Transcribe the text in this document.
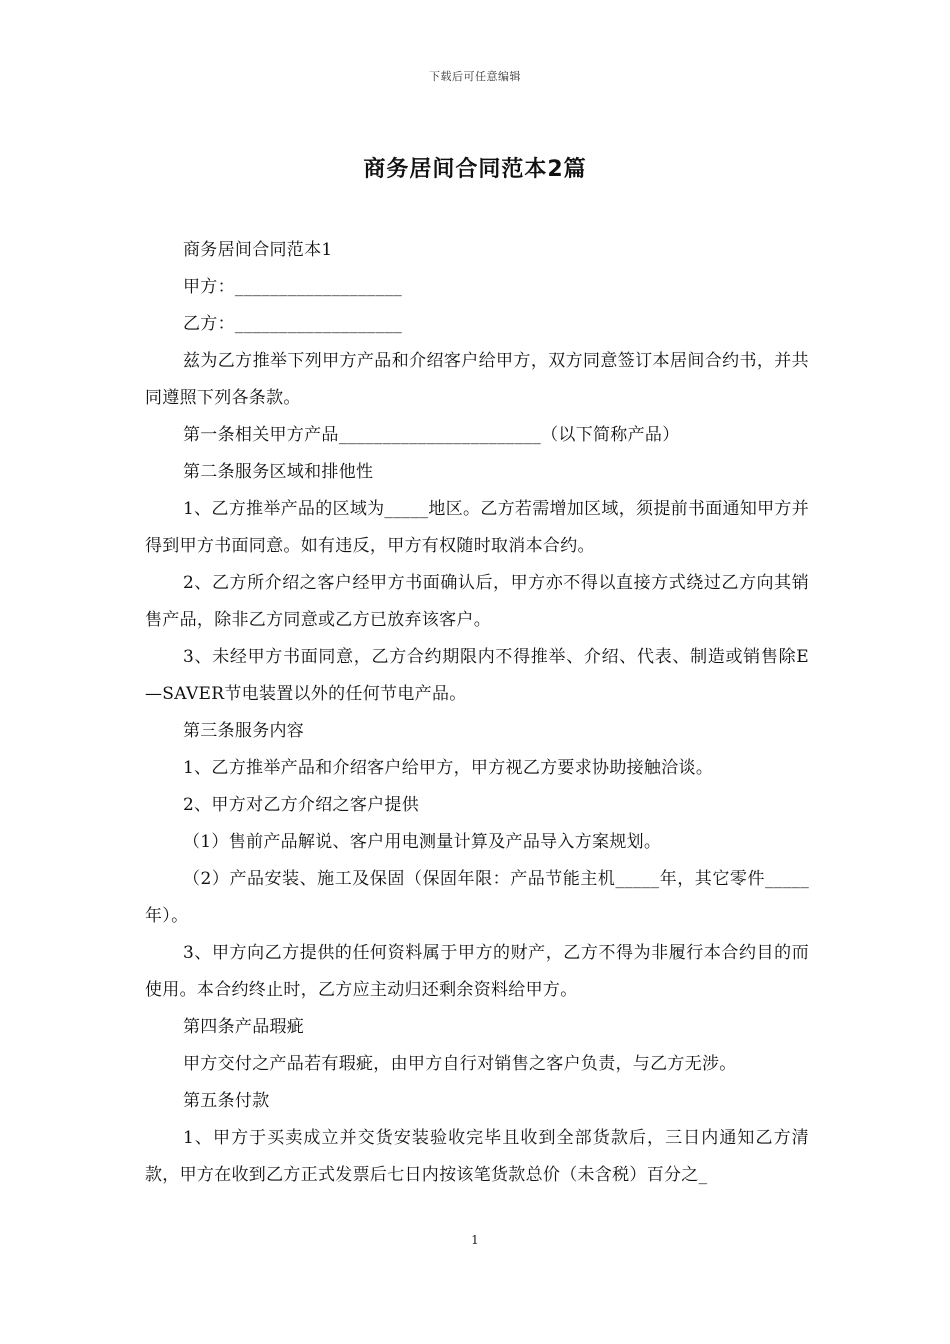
下载后可任意编辑
商务居间合同范本2篇

商务居间合同范本1

甲方：___________________

乙方：___________________

兹为乙方推举下列甲方产品和介绍客户给甲方，双方同意签订本居间合约书，并共同遵照下列各条款。

第一条相关甲方产品_______________________（以下简称产品）

第二条服务区域和排他性

1、乙方推举产品的区域为_____地区。乙方若需增加区域，须提前书面通知甲方并得到甲方书面同意。如有违反，甲方有权随时取消本合约。

2、乙方所介绍之客户经甲方书面确认后，甲方亦不得以直接方式绕过乙方向其销售产品，除非乙方同意或乙方已放弃该客户。

3、未经甲方书面同意，乙方合约期限内不得推举、介绍、代表、制造或销售除E—SAVER节电装置以外的任何节电产品。

第三条服务内容

1、乙方推举产品和介绍客户给甲方，甲方视乙方要求协助接触洽谈。

2、甲方对乙方介绍之客户提供

（1）售前产品解说、客户用电测量计算及产品导入方案规划。

（2）产品安装、施工及保固（保固年限：产品节能主机_____年，其它零件_____年）。

3、甲方向乙方提供的任何资料属于甲方的财产，乙方不得为非履行本合约目的而使用。本合约终止时，乙方应主动归还剩余资料给甲方。

第四条产品瑕疵

甲方交付之产品若有瑕疵，由甲方自行对销售之客户负责，与乙方无涉。

第五条付款

1、甲方于买卖成立并交货安装验收完毕且收到全部货款后，三日内通知乙方清款，甲方在收到乙方正式发票后七日内按该笔货款总价（未含税）百分之_

1
